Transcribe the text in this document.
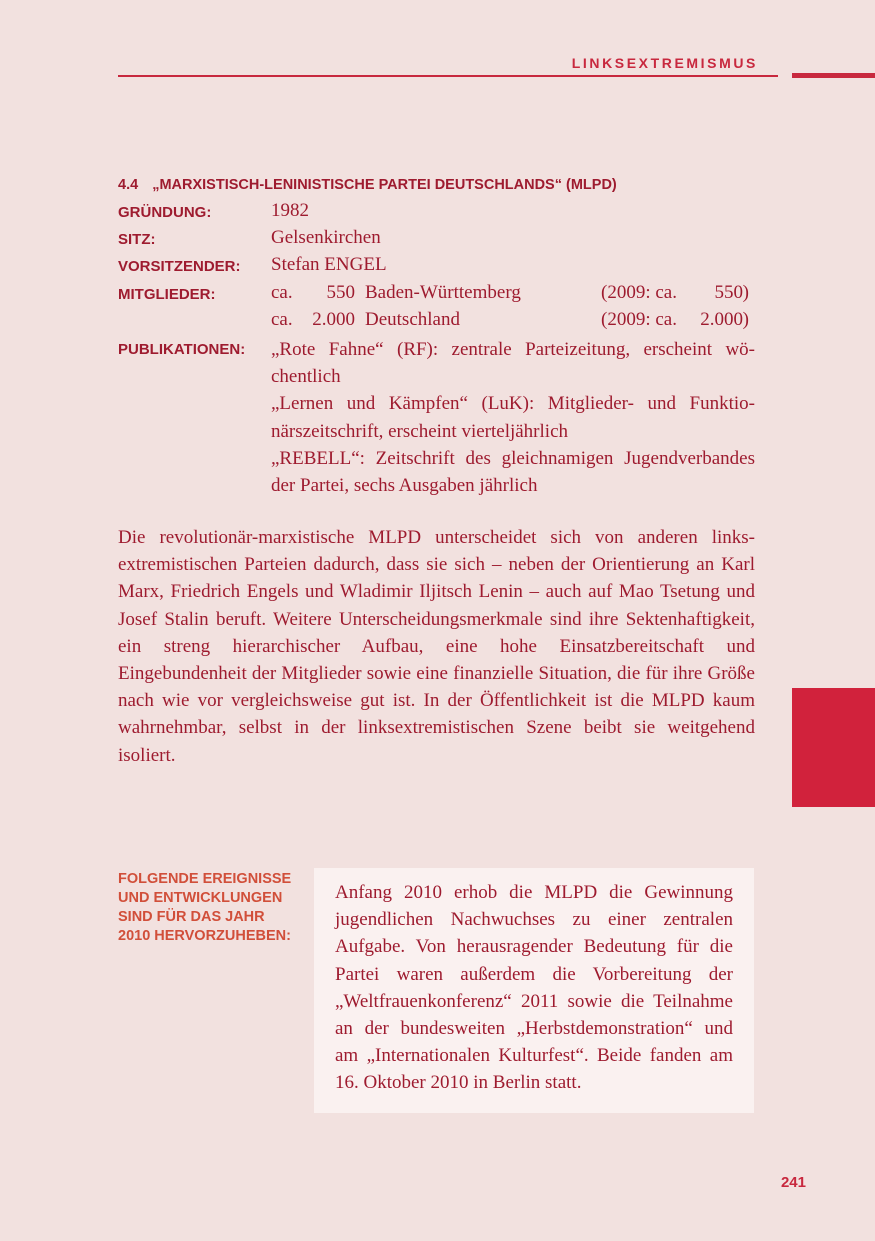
LINKSEXTREMISMUS
4.4 „MARXISTISCH-LENINISTISCHE PARTEI DEUTSCHLANDS“ (MLPD)
GRÜNDUNG:	1982
SITZ:	Gelsenkirchen
VORSITZENDER: Stefan ENGEL
MITGLIEDER:	ca. 550 Baden-Württemberg	(2009: ca. 550 )
ca. 2.000 Deutschland	(2009: ca. 2.000 )
PUBLIKATIONEN: „Rote Fahne“ (RF): zentrale Parteizeitung, erscheint wöchentlich

„Lernen und Kämpfen“ (LuK): Mitglieder- und Funktionärszeitschrift, erscheint vierteljährlich

„REBELL“: Zeitschrift des gleichnamigen Jugendverbandes der Partei, sechs Ausgaben jährlich

Die revolutionär-marxistische MLPD unterscheidet sich von anderen linksextremistischen Parteien dadurch, dass sie sich – neben der Orientierung an Karl Marx, Friedrich Engels und Wladimir Iljitsch Lenin – auch auf Mao Tsetung und Josef Stalin beruft. Weitere Unterscheidungsmerkmale sind ihre Sektenhaftigkeit, ein streng hierarchischer Aufbau, eine hohe Einsatzbereitschaft und Eingebundenheit der Mitglieder sowie eine finanzielle Situation, die für ihre Größe nach wie vor vergleichsweise gut ist. In der Öffentlichkeit ist die MLPD kaum wahrnehmbar, selbst in der linksextremistischen Szene beibt sie weitgehend isoliert.

FOLGENDE EREIGNISSE UND ENTWICKLUNGEN SIND FÜR DAS JAHR 2010 HERVORZUHEBEN:

Anfang 2010 erhob die MLPD die Gewinnung jugendlichen Nachwuchses zu einer zentralen Aufgabe. Von herausragender Bedeutung für die Partei waren außerdem die Vorbereitung der „Weltfrauenkonferenz“ 2011 sowie die Teilnahme an der bundesweiten „Herbstdemonstration“ und am „Internationalen Kulturfest“. Beide fanden am 16. Oktober 2010 in Berlin statt.

241
